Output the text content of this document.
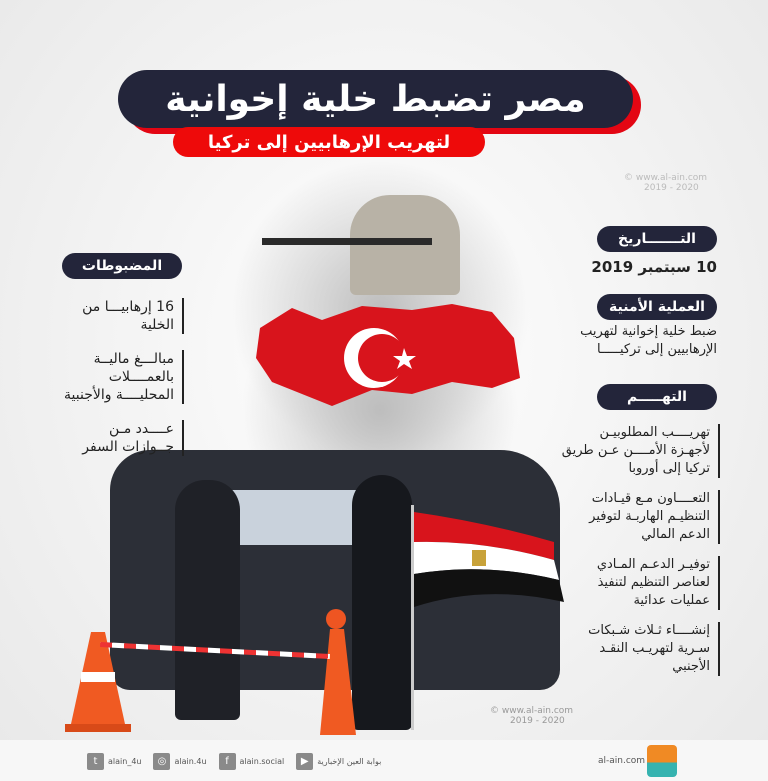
مصر تضبط خلية إخوانية
لتهريب الإرهابيين إلى تركيا
© www.al-ain.com
2019 - 2020
© www.al-ain.com
2019 - 2020
التـــــــاريخ
10 سبتمبر 2019
العملية الأمنية
ضبط خلية إخوانية لتهريب الإرهابيين إلى تركيـــــا
التهـــــم
تهريــــب المطلوبيـن لأجهـزة الأمــــن عـن طريق تركيا إلى أوروبا
التعــــاون مـع قيـادات التنظيـم الهاربـة لتوفير الدعم المالي
توفيـر الدعـم المـادي لعناصر التنظيم لتنفيذ عمليات عدائية
إنشــــاء ثـلاث شـبكات سـرية لتهريـب النقـد الأجنبي
المضبوطات
16 إرهابيـــا من الخلية
مبالـــغ ماليــة بالعمــــلات المحليــــة والأجنبية
عــــدد مـن جــوازات السفر
t	alain_4u	◎	alain.4u	f	alain.social	▶	بوابة العين الإخبارية	al-ain.com
